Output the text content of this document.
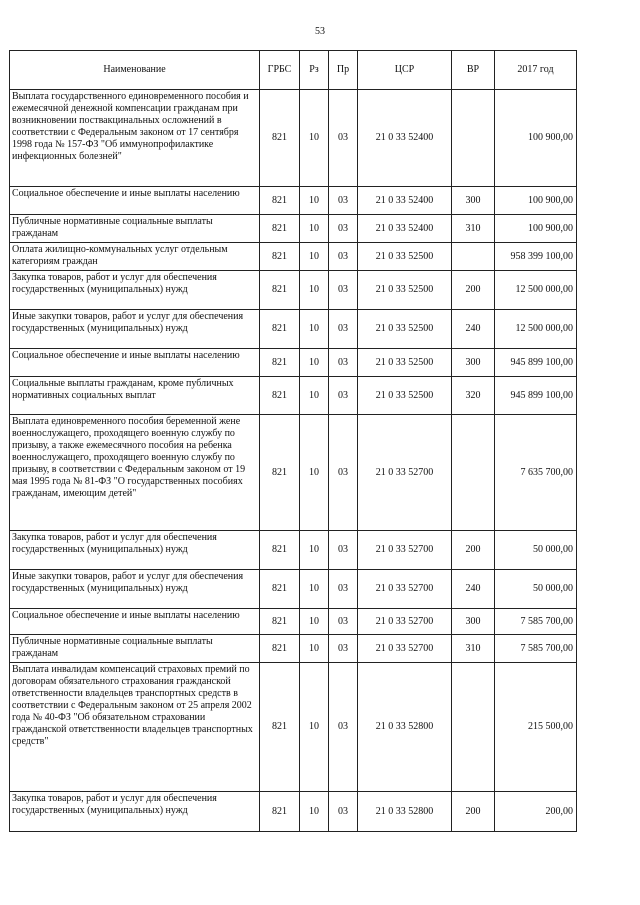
53
Наименование	ГРБС	Рз	Пр	ЦСР	ВР	2017 год
Выплата государственного единовременного пособия и ежемесячной денежной компенсации гражданам при возникновении поствакцинальных осложнений в соответствии с Федеральным законом от 17 сентября 1998 года № 157-ФЗ "Об иммунопрофилактике инфекционных болезней"	821	10	03	21 0 33 52400		100 900,00
Социальное обеспечение и иные выплаты населению	821	10	03	21 0 33 52400	300	100 900,00
Публичные нормативные социальные выплаты гражданам	821	10	03	21 0 33 52400	310	100 900,00
Оплата жилищно-коммунальных услуг отдельным категориям граждан	821	10	03	21 0 33 52500		958 399 100,00
Закупка товаров, работ и услуг для обеспечения государственных (муниципальных) нужд	821	10	03	21 0 33 52500	200	12 500 000,00
Иные закупки товаров, работ и услуг для обеспечения государственных (муниципальных) нужд	821	10	03	21 0 33 52500	240	12 500 000,00
Социальное обеспечение и иные выплаты населению	821	10	03	21 0 33 52500	300	945 899 100,00
Социальные выплаты гражданам, кроме публичных нормативных социальных выплат	821	10	03	21 0 33 52500	320	945 899 100,00
Выплата единовременного пособия беременной жене военнослужащего, проходящего военную службу по призыву, а также ежемесячного пособия на ребенка военнослужащего, проходящего военную службу по призыву, в соответствии с Федеральным законом от 19 мая 1995 года № 81-ФЗ "О государственных пособиях гражданам, имеющим детей"	821	10	03	21 0 33 52700		7 635 700,00
Закупка товаров, работ и услуг для обеспечения государственных (муниципальных) нужд	821	10	03	21 0 33 52700	200	50 000,00
Иные закупки товаров, работ и услуг для обеспечения государственных (муниципальных) нужд	821	10	03	21 0 33 52700	240	50 000,00
Социальное обеспечение и иные выплаты населению	821	10	03	21 0 33 52700	300	7 585 700,00
Публичные нормативные социальные выплаты гражданам	821	10	03	21 0 33 52700	310	7 585 700,00
Выплата инвалидам компенсаций страховых премий по договорам обязательного страхования гражданской ответственности владельцев транспортных средств в соответствии с Федеральным законом от 25 апреля 2002 года № 40-ФЗ "Об обязательном страховании гражданской ответственности владельцев транспортных средств"	821	10	03	21 0 33 52800		215 500,00
Закупка товаров, работ и услуг для обеспечения государственных (муниципальных) нужд	821	10	03	21 0 33 52800	200	200,00
